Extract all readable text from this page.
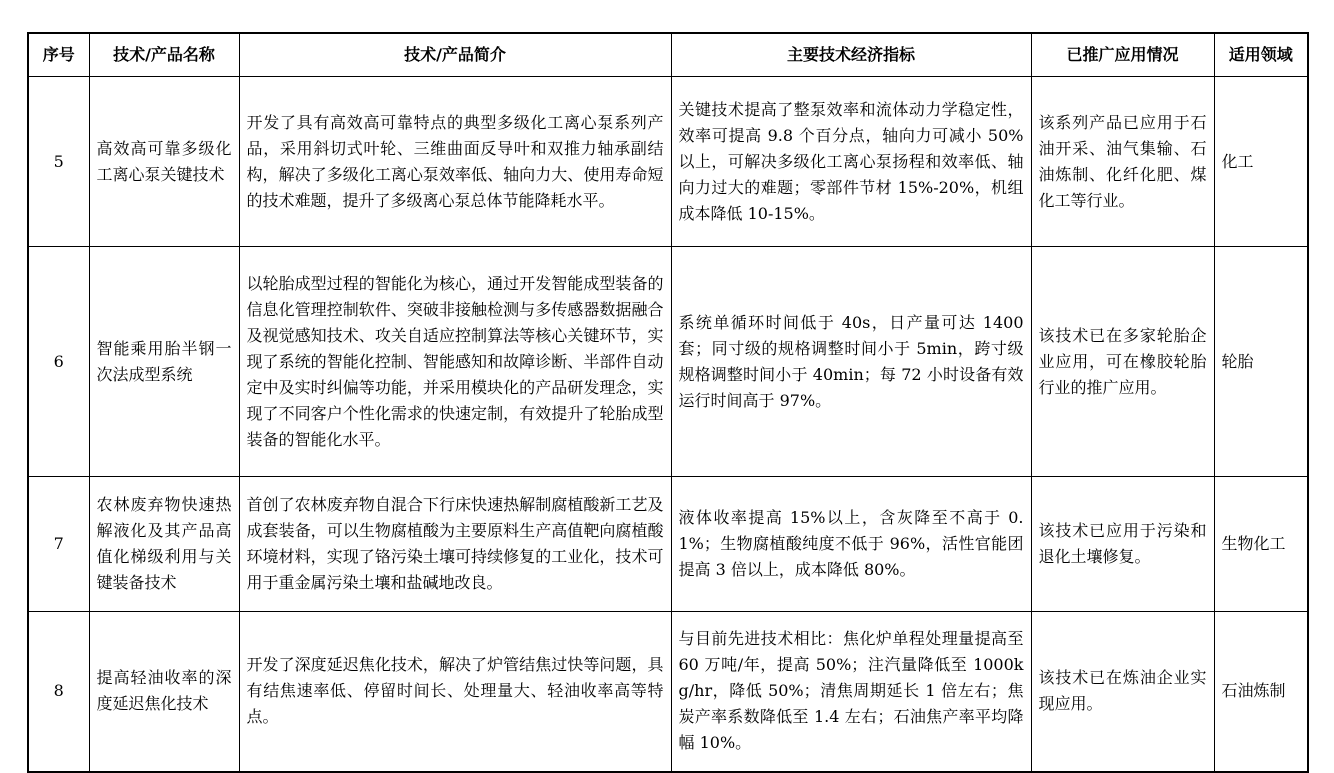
序号	技术/产品名称	技术/产品简介	主要技术经济指标	已推广应用情况	适用领域
5	高效高可靠多级化工离心泵关键技术	开发了具有高效高可靠特点的典型多级化工离心泵系列产品，采用斜切式叶轮、三维曲面反导叶和双推力轴承副结构，解决了多级化工离心泵效率低、轴向力大、使用寿命短的技术难题，提升了多级离心泵总体节能降耗水平。	关键技术提高了整泵效率和流体动力学稳定性，效率可提高 9.8 个百分点，轴向力可减小 50%以上，可解决多级化工离心泵扬程和效率低、轴向力过大的难题；零部件节材 15%-20%，机组成本降低 10-15%。	该系列产品已应用于石油开采、油气集输、石油炼制、化纤化肥、煤化工等行业。	化工
6	智能乘用胎半钢一次法成型系统	以轮胎成型过程的智能化为核心，通过开发智能成型装备的信息化管理控制软件、突破非接触检测与多传感器数据融合及视觉感知技术、攻关自适应控制算法等核心关键环节，实现了系统的智能化控制、智能感知和故障诊断、半部件自动定中及实时纠偏等功能，并采用模块化的产品研发理念，实现了不同客户个性化需求的快速定制，有效提升了轮胎成型装备的智能化水平。	系统单循环时间低于 40s，日产量可达 1400 套；同寸级的规格调整时间小于 5min，跨寸级规格调整时间小于 40min；每 72 小时设备有效运行时间高于 97%。	该技术已在多家轮胎企业应用，可在橡胶轮胎行业的推广应用。	轮胎
7	农林废弃物快速热解液化及其产品高值化梯级利用与关键装备技术	首创了农林废弃物自混合下行床快速热解制腐植酸新工艺及成套装备，可以生物腐植酸为主要原料生产高值靶向腐植酸环境材料，实现了铬污染土壤可持续修复的工业化，技术可用于重金属污染土壤和盐碱地改良。	液体收率提高 15%以上，含灰降至不高于 0.1%；生物腐植酸纯度不低于 96%，活性官能团提高 3 倍以上，成本降低 80%。	该技术已应用于污染和退化土壤修复。	生物化工
8	提高轻油收率的深度延迟焦化技术	开发了深度延迟焦化技术，解决了炉管结焦过快等问题，具有结焦速率低、停留时间长、处理量大、轻油收率高等特点。	与目前先进技术相比：焦化炉单程处理量提高至 60 万吨/年，提高 50%；注汽量降低至 1000kg/hr，降低 50%；清焦周期延长 1 倍左右；焦炭产率系数降低至 1.4 左右；石油焦产率平均降幅 10%。	该技术已在炼油企业实现应用。	石油炼制
